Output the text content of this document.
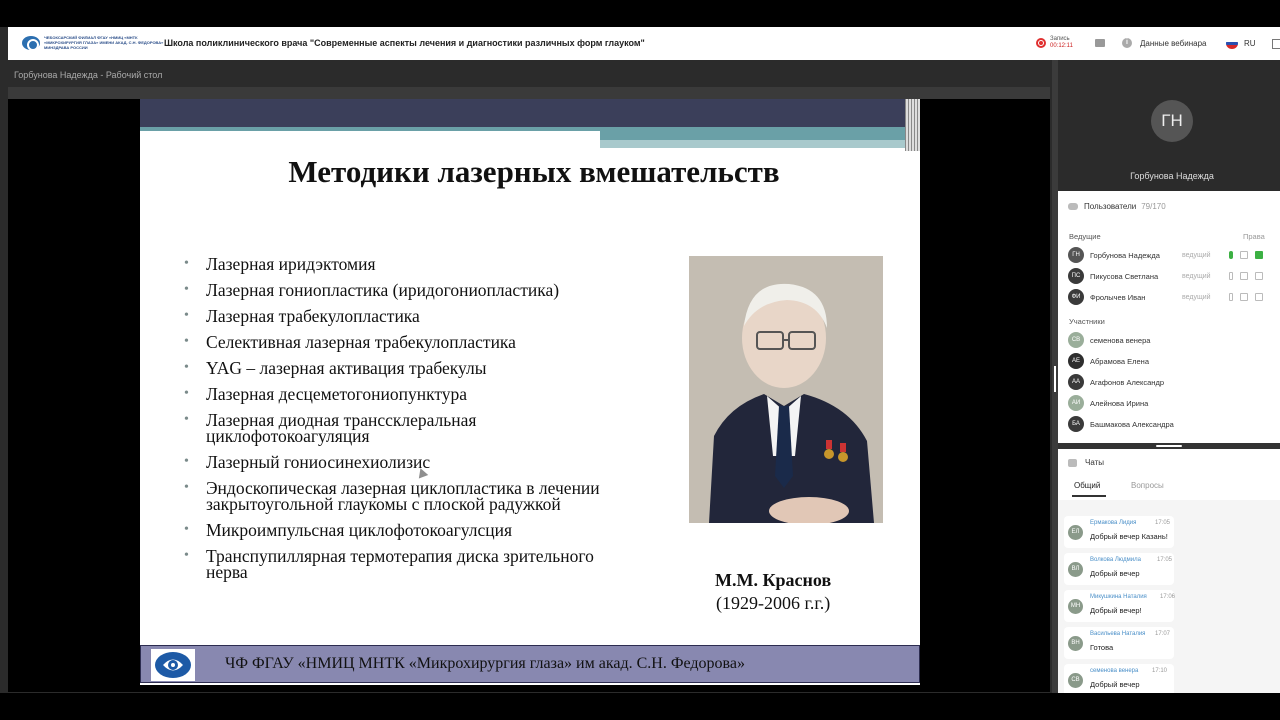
ЧЕБОКСАРСКИЙ ФИЛИАЛ ФГАУ «НМИЦ «МНТК «МИКРОХИРУРГИЯ ГЛАЗА» ИМЕНИ АКАД. С.Н. ФЕДОРОВА» МИНЗДРАВА РОССИИ	Школа поликлинического врача "Современные аспекты лечения и диагностики различных форм глауком"	Запись
00:12:11	i	Данные вебинара	RU
Горбунова Надежда - Рабочий стол
Методики лазерных вмешательств
• Лазерная иридэктомия
• Лазерная гониопластика (иридогониопластика)
• Лазерная трабекулопластика
• Селективная лазерная трабекулопластика
• YAG – лазерная активация трабекулы
• Лазерная десцеметогониопунктура
• Лазерная диодная транссклеральная циклофотокоагуляция
• Лазерный гониосинехиолизис
• Эндоскопическая лазерная циклопластика в лечении закрытоугольной глаукомы с плоской радужкой
• Микроимпульсная циклофотокоагулсция
• Транспупиллярная термотерапия диска зрительного нерва	М.М. Краснов
(1929-2006 г.г.)
ЧФ ФГАУ «НМИЦ МНТК «Микрохирургия глаза» им акад. С.Н. Федорова»
ГН
Горбунова Надежда
Пользователи 79/170
Ведущие	Права
ГН	Горбунова Надежда	ведущий
ПС	Пикусова Светлана	ведущий
ФИ	Фролычев Иван	ведущий
Участники
СВ	семенова венера
АЕ	Абрамова Елена
АА	Агафонов Александр
АИ	Алейнова Ирина
БА	Башмакова Александра
Чаты
Общий	Вопросы
ЕЛ
Ермакова Лидия	17:05
Добрый вечер Казань!
ВЛ
Волкова Людмила	17:05
Добрый вечер
МН
Микушкина Наталия 17:06
Добрый вечер!
ВН
Васильева Наталия 17:07
Готова
СВ
семенова венера 17:10
Добрый вечер
